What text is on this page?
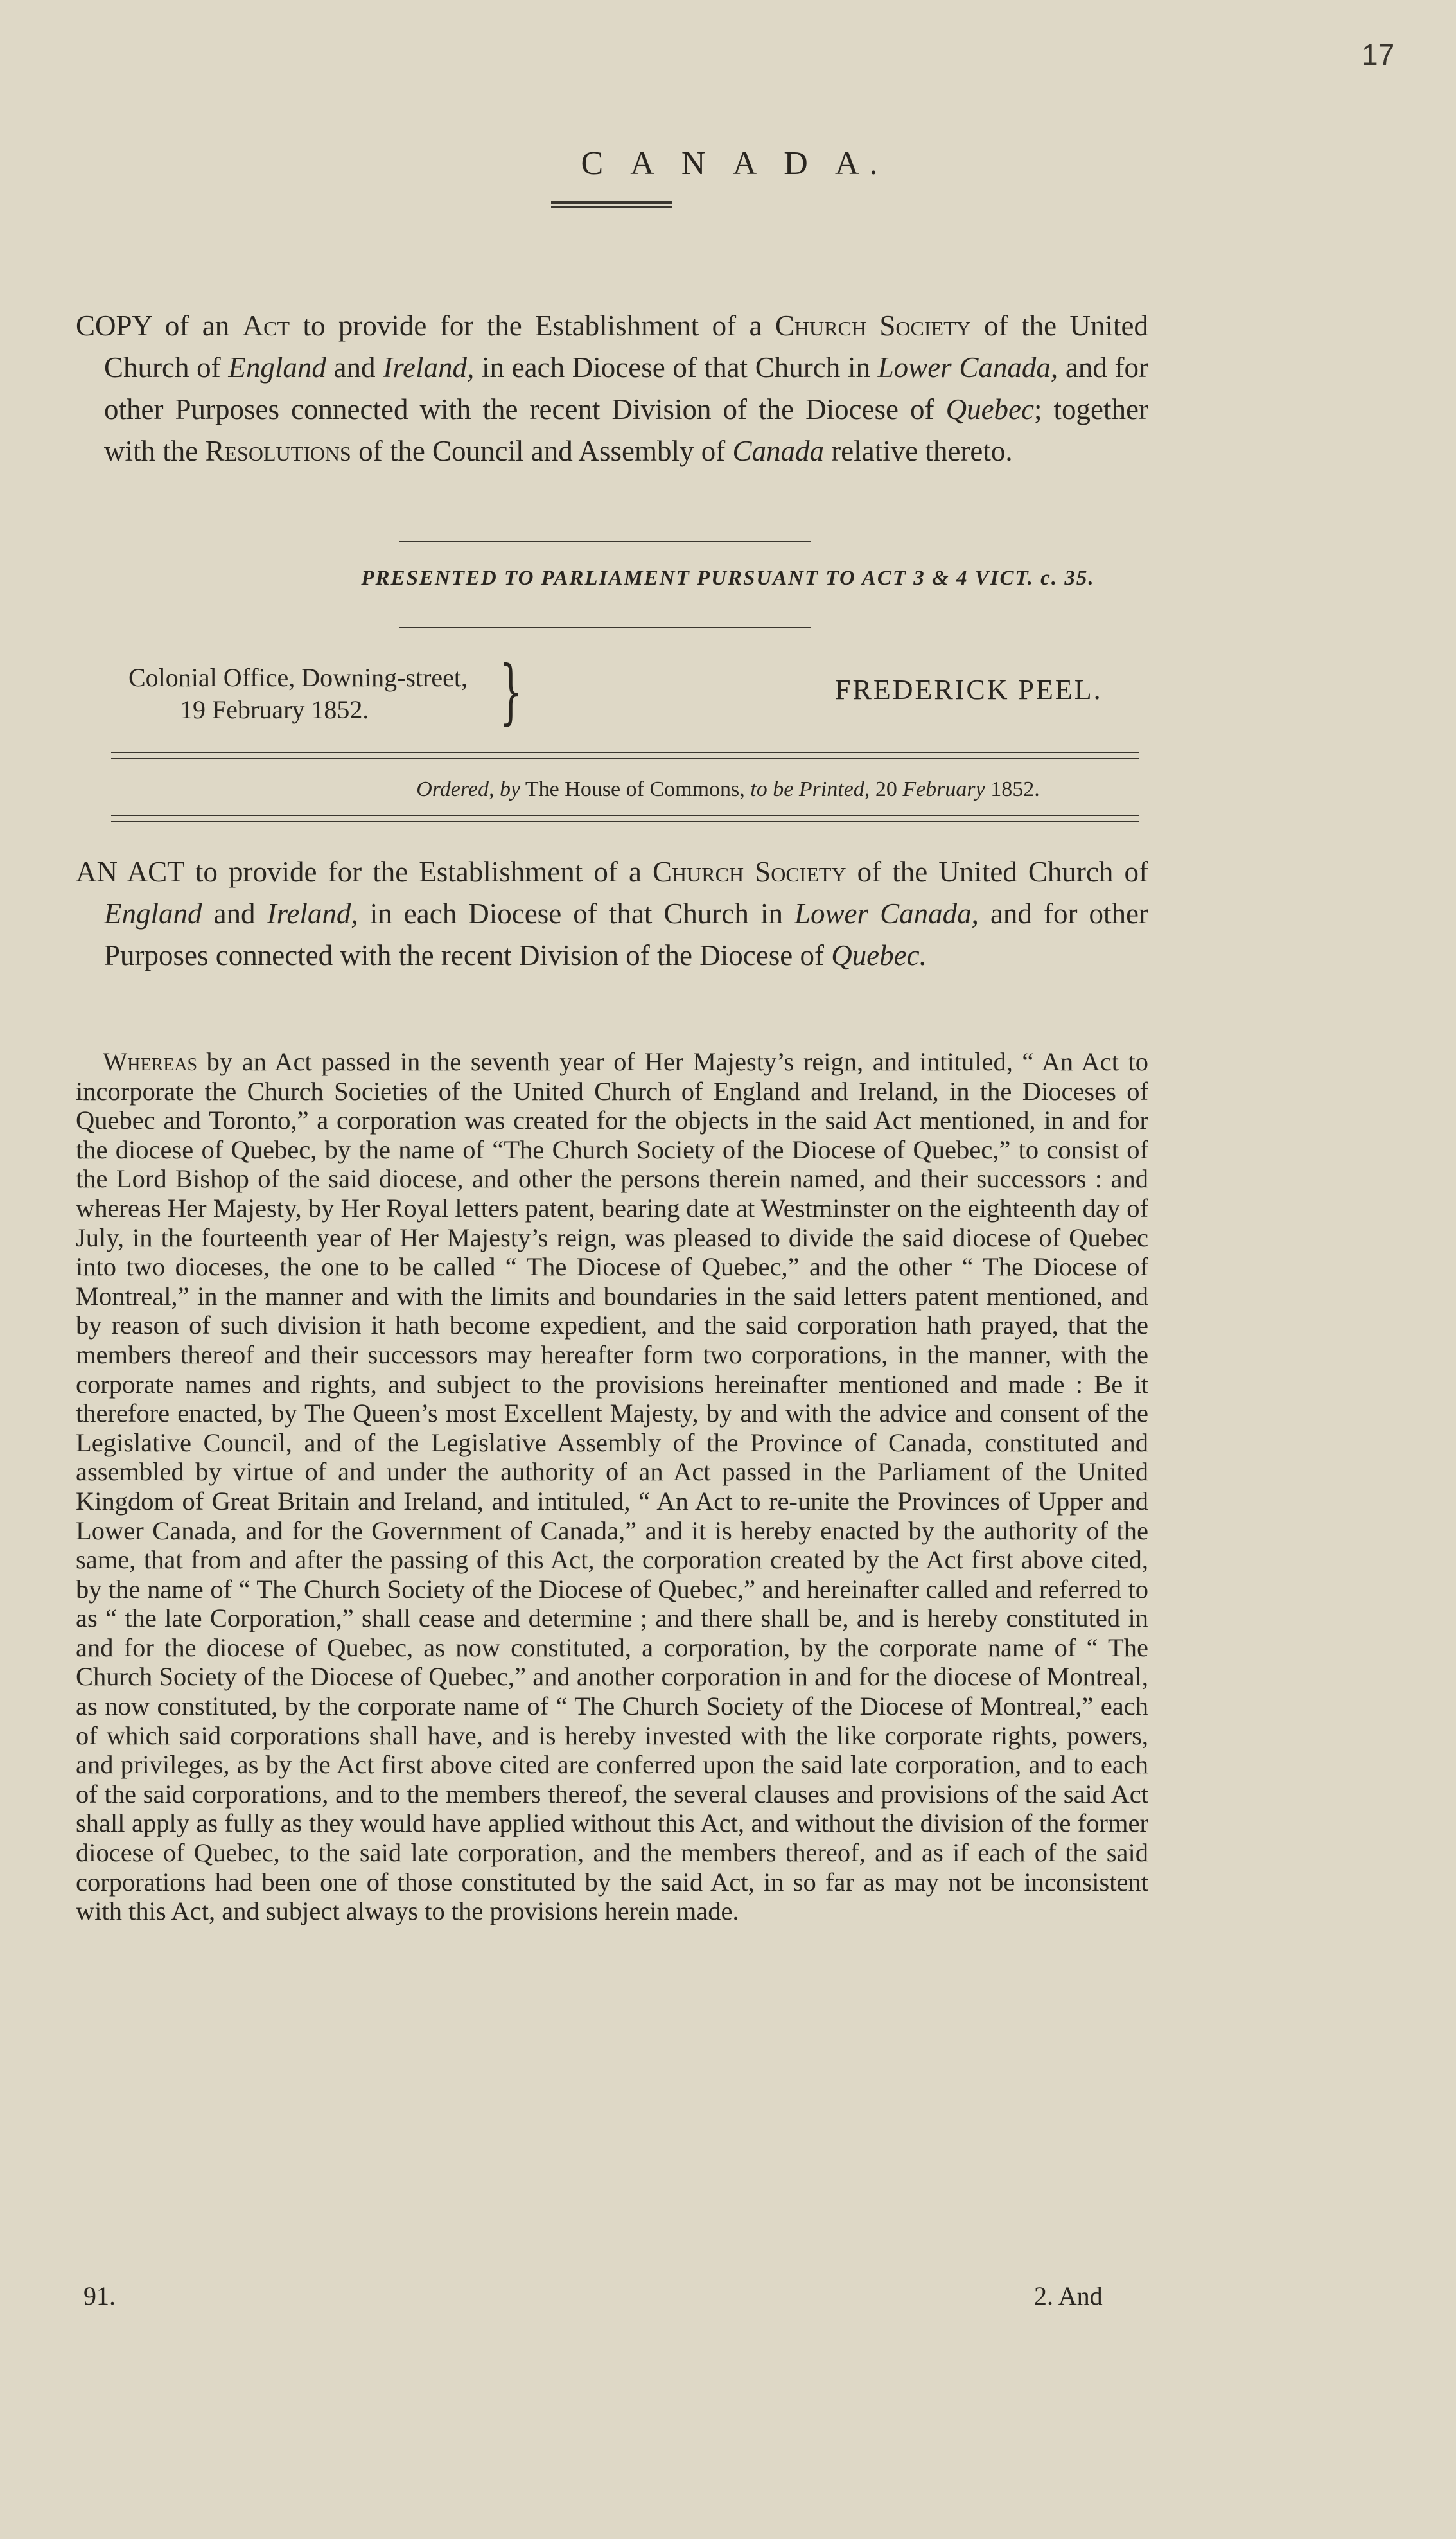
17
C A N A D A.
COPY of an Act to provide for the Establishment of a Church Society of the United Church of England and Ireland, in each Diocese of that Church in Lower Canada, and for other Purposes connected with the recent Division of the Diocese of Quebec; together with the Resolutions of the Council and Assembly of Canada relative thereto.
PRESENTED TO PARLIAMENT PURSUANT TO ACT 3 & 4 VICT. c. 35.
Colonial Office, Downing-street,
19 February 1852.	}	FREDERICK PEEL.
Ordered, by The House of Commons, to be Printed, 20 February 1852.
AN ACT to provide for the Establishment of a Church Society of the United Church of England and Ireland, in each Diocese of that Church in Lower Canada, and for other Purposes connected with the recent Division of the Diocese of Quebec.
Whereas by an Act passed in the seventh year of Her Majesty’s reign, and intituled, “ An Act to incorporate the Church Societies of the United Church of England and Ireland, in the Dioceses of Quebec and Toronto,” a corporation was created for the objects in the said Act mentioned, in and for the diocese of Quebec, by the name of “The Church Society of the Diocese of Quebec,” to consist of the Lord Bishop of the said diocese, and other the persons therein named, and their successors : and whereas Her Majesty, by Her Royal letters patent, bearing date at Westminster on the eighteenth day of July, in the fourteenth year of Her Majesty’s reign, was pleased to divide the said diocese of Quebec into two dioceses, the one to be called “ The Diocese of Quebec,” and the other “ The Diocese of Montreal,” in the manner and with the limits and boundaries in the said letters patent mentioned, and by reason of such division it hath become expedient, and the said corporation hath prayed, that the members thereof and their successors may hereafter form two corporations, in the manner, with the corporate names and rights, and subject to the provisions hereinafter mentioned and made : Be it therefore enacted, by The Queen’s most Excellent Majesty, by and with the advice and consent of the Legislative Council, and of the Legislative Assembly of the Province of Canada, constituted and assembled by virtue of and under the authority of an Act passed in the Parliament of the United Kingdom of Great Britain and Ireland, and intituled, “ An Act to re-unite the Provinces of Upper and Lower Canada, and for the Government of Canada,” and it is hereby enacted by the authority of the same, that from and after the passing of this Act, the corporation created by the Act first above cited, by the name of “ The Church Society of the Diocese of Quebec,” and hereinafter called and referred to as “ the late Corporation,” shall cease and determine ; and there shall be, and is hereby constituted in and for the diocese of Quebec, as now constituted, a corporation, by the corporate name of “ The Church Society of the Diocese of Quebec,” and another corporation in and for the diocese of Montreal, as now constituted, by the corporate name of “ The Church Society of the Diocese of Montreal,” each of which said corporations shall have, and is hereby invested with the like corporate rights, powers, and privileges, as by the Act first above cited are conferred upon the said late corporation, and to each of the said corporations, and to the members thereof, the several clauses and provisions of the said Act shall apply as fully as they would have applied without this Act, and without the division of the former diocese of Quebec, to the said late corporation, and the members thereof, and as if each of the said corporations had been one of those constituted by the said Act, in so far as may not be inconsistent with this Act, and subject always to the provisions herein made.
91.	2. And
